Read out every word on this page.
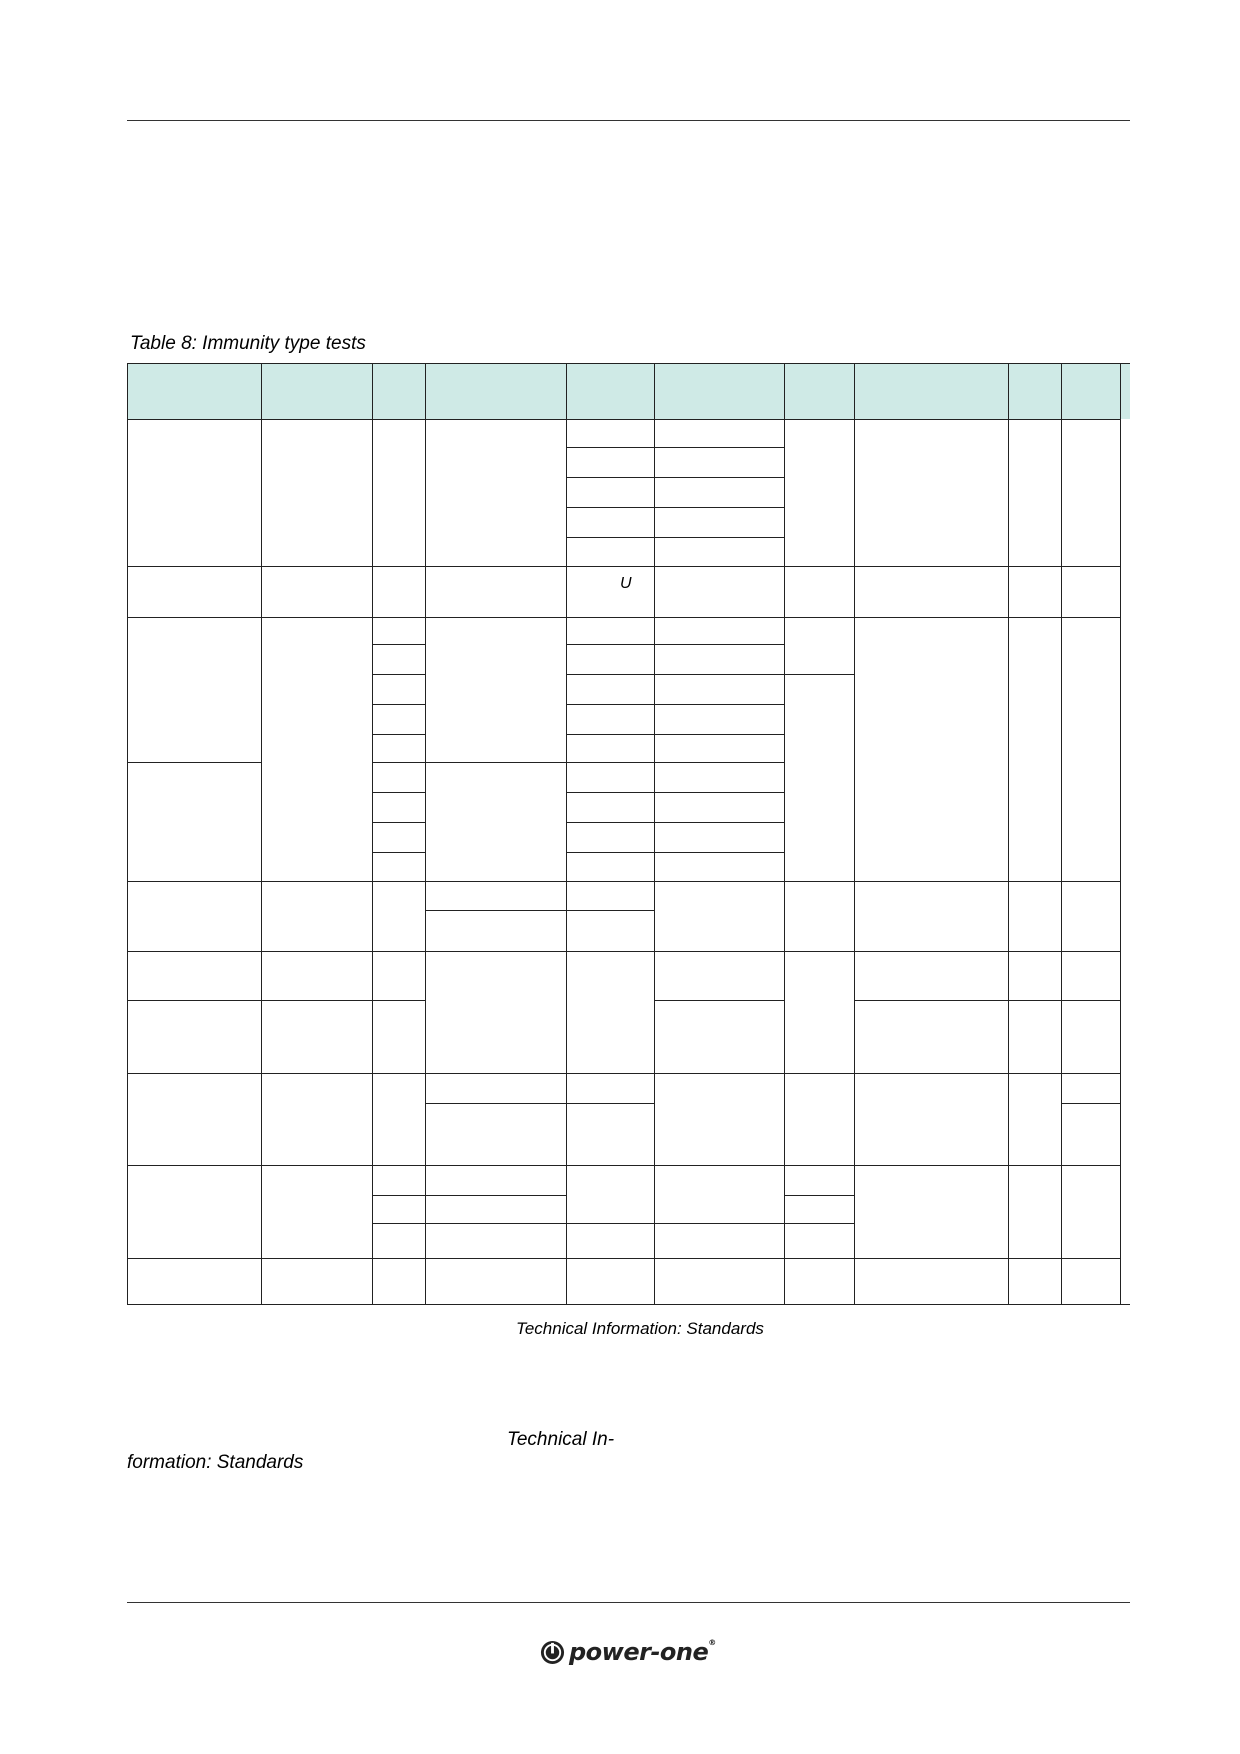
Table 8: Immunity type tests
U
Technical Information: Standards
Technical In-
formation: Standards
power-one®
